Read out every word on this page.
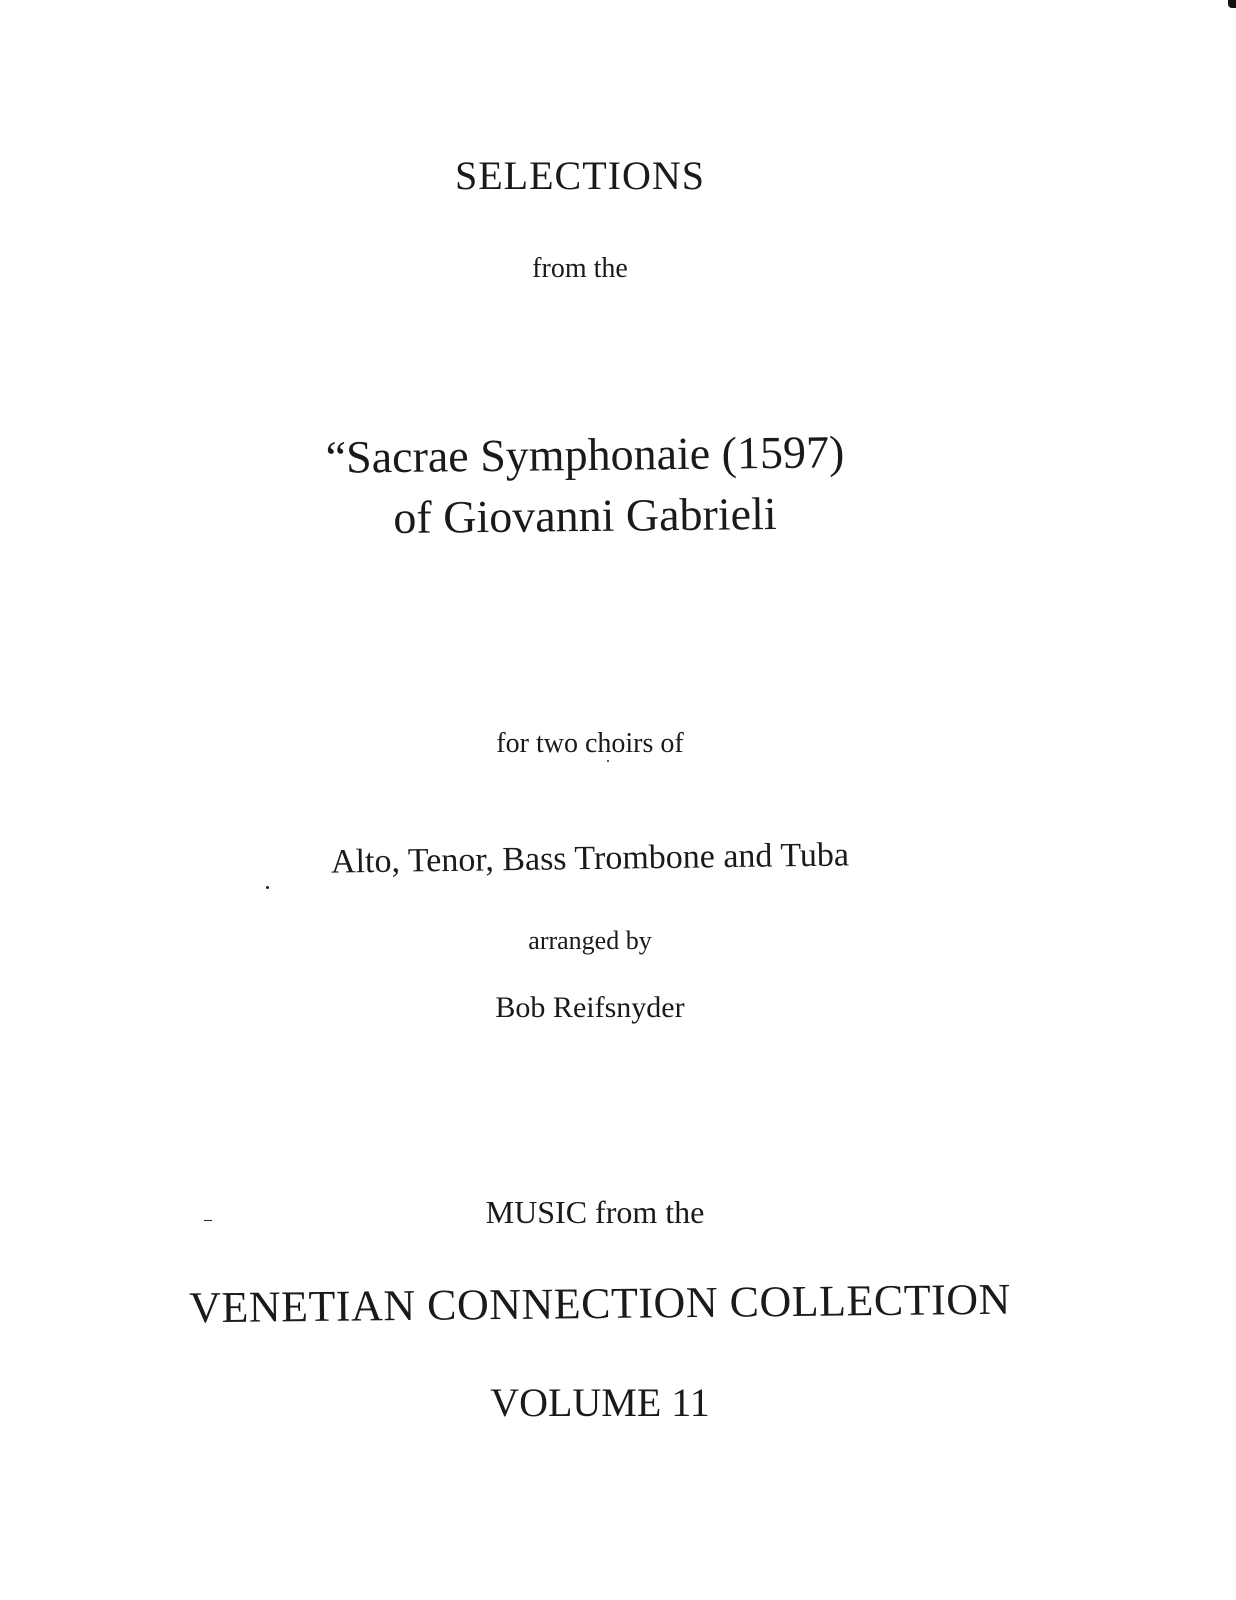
SELECTIONS

from the

“Sacrae Symphonaie (1597)
of Giovanni Gabrieli

for two choirs of

Alto, Tenor, Bass Trombone and Tuba

arranged by

Bob Reifsnyder

MUSIC from the

VENETIAN CONNECTION COLLECTION

VOLUME 11
